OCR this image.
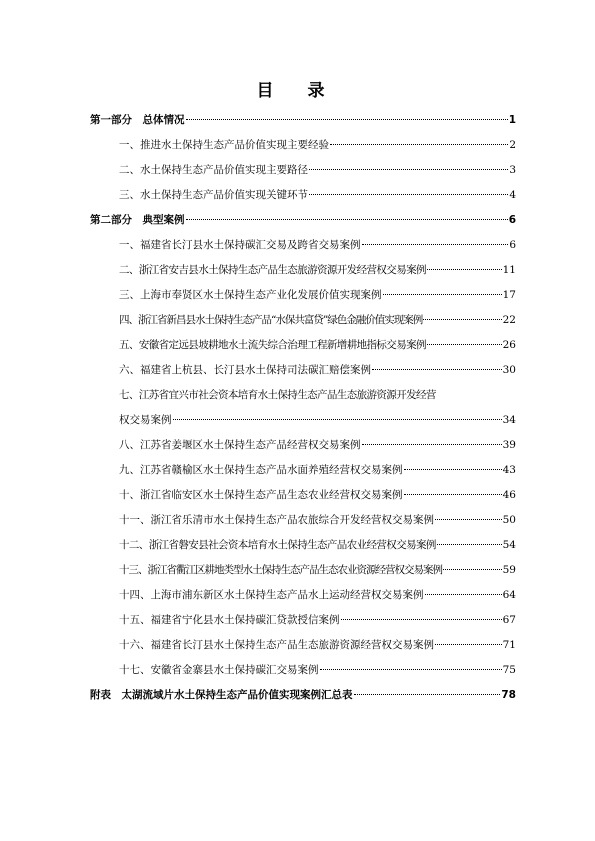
目 录
第一部分　总体情况	1
一、推进水土保持生态产品价值实现主要经验	2
二、水土保持生态产品价值实现主要路径	3
三、水土保持生态产品价值实现关键环节	4
第二部分　典型案例	6
一、福建省长汀县水土保持碳汇交易及跨省交易案例	6
二、浙江省安吉县水土保持生态产品生态旅游资源开发经营权交易案例	11
三、上海市奉贤区水土保持生态产业化发展价值实现案例	17
四、浙江省新昌县水土保持生态产品“水保共富贷”绿色金融价值实现案例	22
五、安徽省定远县坡耕地水土流失综合治理工程新增耕地指标交易案例	26
六、福建省上杭县、长汀县水土保持司法碳汇赔偿案例	30
七、江苏省宜兴市社会资本培育水土保持生态产品生态旅游资源开发经营
权交易案例	34
八、江苏省姜堰区水土保持生态产品经营权交易案例	39
九、江苏省赣榆区水土保持生态产品水面养殖经营权交易案例	43
十、浙江省临安区水土保持生态产品生态农业经营权交易案例	46
十一、浙江省乐清市水土保持生态产品农旅综合开发经营权交易案例	50
十二、浙江省磐安县社会资本培育水土保持生态产品农业经营权交易案例	54
十三、浙江省衢江区耕地类型水土保持生态产品生态农业资源经营权交易案例	59
十四、上海市浦东新区水土保持生态产品水上运动经营权交易案例	64
十五、福建省宁化县水土保持碳汇贷款授信案例	67
十六、福建省长汀县水土保持生态产品生态旅游资源经营权交易案例	71
十七、安徽省金寨县水土保持碳汇交易案例	75
附表　太湖流域片水土保持生态产品价值实现案例汇总表	78
